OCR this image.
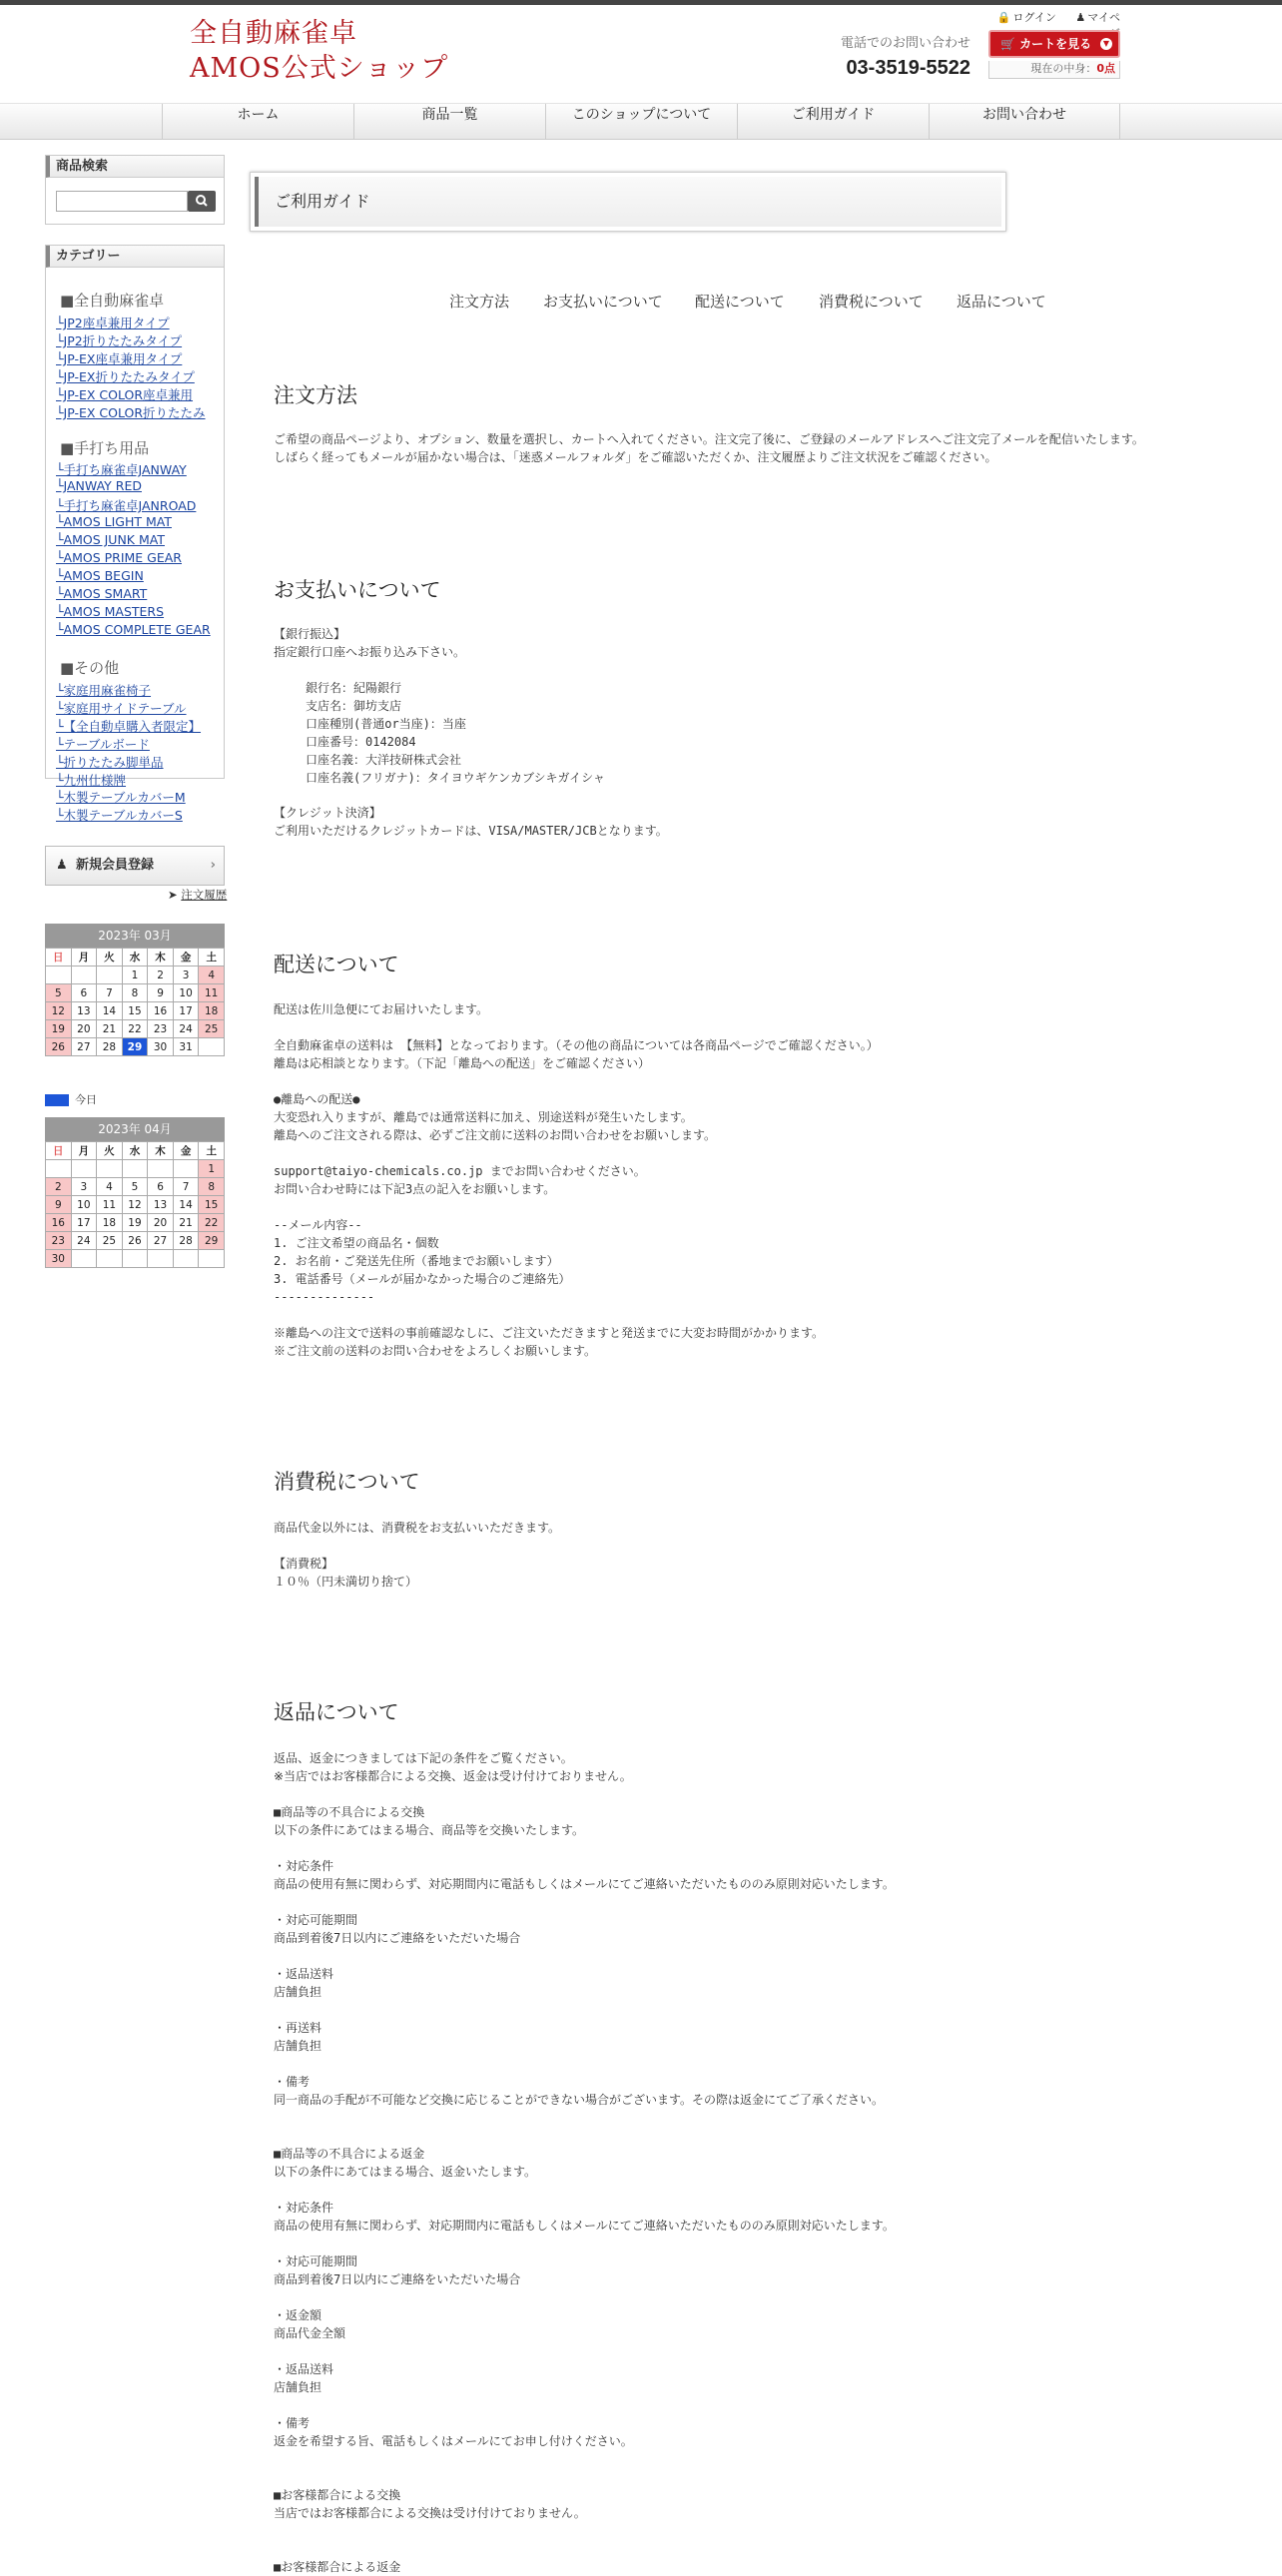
全自動麻雀卓
AMOS公式ショップ
電話でのお問い合わせ
03-3519-5522
🔒 ログイン ♟ マイペ
🛒 カートを見る	▼
現在の中身：0点
ホーム	商品一覧	このショップについて	ご利用ガイド	お問い合わせ
商品検索
カテゴリー
■全自動麻雀卓
└JP2座卓兼用タイプ
└JP2折りたたみタイプ
└JP-EX座卓兼用タイプ
└JP-EX折りたたみタイプ
└JP-EX COLOR座卓兼用
└JP-EX COLOR折りたたみ
■手打ち用品
└手打ち麻雀卓JANWAY
└JANWAY RED
└手打ち麻雀卓JANROAD
└AMOS LIGHT MAT
└AMOS JUNK MAT
└AMOS PRIME GEAR
└AMOS BEGIN
└AMOS SMART
└AMOS MASTERS
└AMOS COMPLETE GEAR
■その他
└家庭用麻雀椅子
└家庭用サイドテーブル
└【全自動卓購入者限定】
└テーブルボード
└折りたたみ脚単品
└九州仕様牌
└木製テーブルカバーM
└木製テーブルカバーS
♟ 新規会員登録	›
➤ 注文履歴
2023年 03月
日	月	火	水	木	金	土
			1	2	3	4
5	6	7	8	9	10	11
12	13	14	15	16	17	18
19	20	21	22	23	24	25
26	27	28	29	30	31	
今日
2023年 04月
日	月	火	水	木	金	土
						1
2	3	4	5	6	7	8
9	10	11	12	13	14	15
16	17	18	19	20	21	22
23	24	25	26	27	28	29
30						
ご利用ガイド
注文方法 お支払いについて 配送について 消費税について 返品について
注文方法
ご希望の商品ページより、オプション、数量を選択し、カートへ入れてください。注文完了後に、ご登録のメールアドレスへご注文完了メールを配信いたします。
しばらく経ってもメールが届かない場合は、「迷惑メールフォルダ」をご確認いただくか、注文履歴よりご注文状況をご確認ください。
お支払いについて
【銀行振込】
指定銀行口座へお振り込み下さい。
銀行名：紀陽銀行
支店名：御坊支店
口座種別(普通or当座)：当座
口座番号：0142084
口座名義：大洋技研株式会社
口座名義(フリガナ)：タイヨウギケンカブシキガイシャ
【クレジット決済】
ご利用いただけるクレジットカードは、VISA/MASTER/JCBとなります。
配送について
配送は佐川急便にてお届けいたします。

全自動麻雀卓の送料は 【無料】となっております。（その他の商品については各商品ページでご確認ください。）
離島は応相談となります。（下記「離島への配送」をご確認ください）

●離島への配送●
大変恐れ入りますが、離島では通常送料に加え、別途送料が発生いたします。
離島へのご注文される際は、必ずご注文前に送料のお問い合わせをお願いします。

support@taiyo-chemicals.co.jp までお問い合わせください。
お問い合わせ時には下記3点の記入をお願いします。

--メール内容--
1. ご注文希望の商品名・個数
2. お名前・ご発送先住所（番地までお願いします）
3. 電話番号（メールが届かなかった場合のご連絡先）
--------------

※離島への注文で送料の事前確認なしに、ご注文いただきますと発送までに大変お時間がかかります。
※ご注文前の送料のお問い合わせをよろしくお願いします。
消費税について
商品代金以外には、消費税をお支払いいただきます。

【消費税】
１０％（円未満切り捨て）
返品について
返品、返金につきましては下記の条件をご覧ください。
※当店ではお客様都合による交換、返金は受け付けておりません。

■商品等の不具合による交換
以下の条件にあてはまる場合、商品等を交換いたします。

・対応条件
商品の使用有無に関わらず、対応期間内に電話もしくはメールにてご連絡いただいたもののみ原則対応いたします。

・対応可能期間
商品到着後7日以内にご連絡をいただいた場合

・返品送料
店舗負担

・再送料
店舗負担

・備考
同一商品の手配が不可能など交換に応じることができない場合がございます。その際は返金にてご了承ください。

■商品等の不具合による返金
以下の条件にあてはまる場合、返金いたします。

・対応条件
商品の使用有無に関わらず、対応期間内に電話もしくはメールにてご連絡いただいたもののみ原則対応いたします。

・対応可能期間
商品到着後7日以内にご連絡をいただいた場合

・返金額
商品代金全額

・返品送料
店舗負担

・備考
返金を希望する旨、電話もしくはメールにてお申し付けください。

■お客様都合による交換
当店ではお客様都合による交換は受け付けておりません。

■お客様都合による返金
